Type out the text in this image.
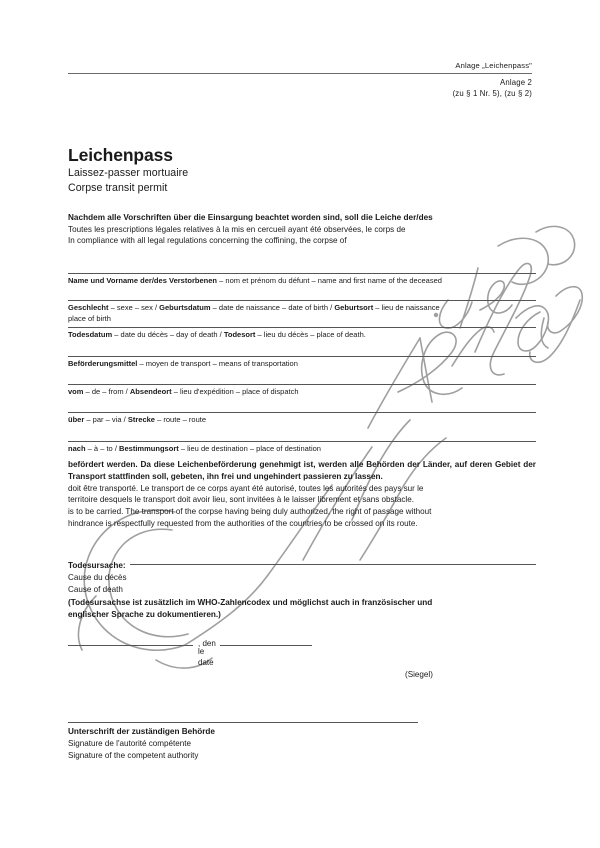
Anlage „Leichenpass"
Anlage 2
(zu § 1 Nr. 5), (zu § 2)
Leichenpass
Laissez-passer mortuaire
Corpse transit permit
Nachdem alle Vorschriften über die Einsargung beachtet worden sind, soll die Leiche der/des
Toutes les prescriptions légales relatives à la mis en cercueil ayant été observées, le corps de
In compliance with all legal regulations concerning the coffining, the corpse of
Name und Vorname der/des Verstorbenen – nom et prénom du défunt – name and first name of the deceased
Geschlecht – sexe – sex / Geburtsdatum – date de naissance – date of birth / Geburtsort – lieu de naissance
place of birth
Todesdatum – date du décès – day of death / Todesort – lieu du décès – place of death.
Beförderungsmittel – moyen de transport – means of transportation
vom – de – from / Absendeort – lieu d'expédition – place of dispatch
über – par – via / Strecke – route – route
nach – à – to / Bestimmungsort – lieu de destination – place of destination
befördert werden. Da diese Leichenbeförderung genehmigt ist, werden alle Behörden der Länder, auf deren Gebiet der Transport stattfinden soll, gebeten, ihn frei und ungehindert passieren zu lassen.
doit être transporté. Le transport de ce corps ayant été autorisé, toutes les autorités des pays sur le
territoire desquels le transport doit avoir lieu, sont invitées à le laisser librement et sans obstacle.
is to be carried. The transport of the corpse having being duly authorized, the right of passage without
hindrance is respectfully requested from the authorities of the countries to be crossed on its route.
Todesursache:
Cause du décès
Cause of death
(Todesursachse ist zusätzlich im WHO-Zahlencodex und möglichst auch in französischer und
englischer Sprache zu dokumentieren.)
, den
le
date
(Siegel)
Unterschrift der zuständigen Behörde
Signature de l'autorité compétente
Signature of the competent authority
